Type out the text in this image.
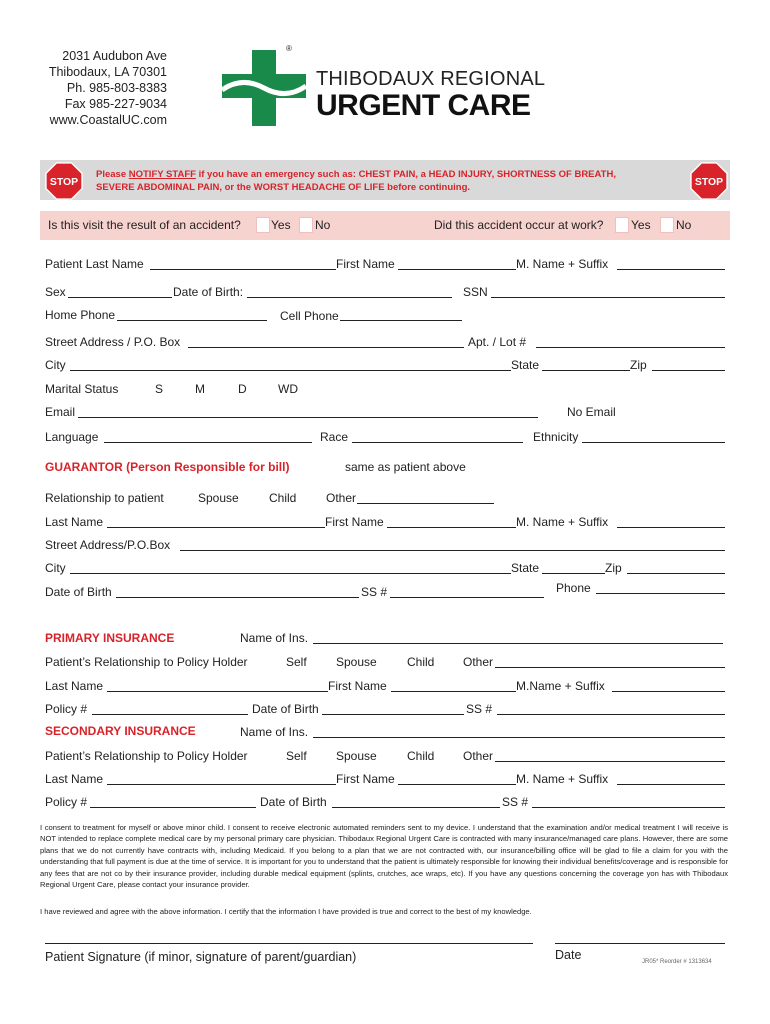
2031 Audubon Ave
Thibodaux, LA 70301
Ph. 985-803-8383
Fax 985-227-9034
www.CoastalUC.com
®
THIBODAUX REGIONAL
URGENT CARE
STOP	STOP
Please NOTIFY STAFF if you have an emergency such as: CHEST PAIN, a HEAD INJURY, SHORTNESS OF BREATH,
SEVERE ABDOMINAL PAIN, or the WORST HEADACHE OF LIFE before continuing.
Is this visit the result of an accident?	Yes No	Did this accident occur at work? Yes No
Patient Last Name	First Name	M. Name + Suffix
Sex	Date of Birth:	SSN
Home Phone	Cell Phone
Street Address / P.O. Box	Apt. / Lot #
City	State	Zip
Marital Status	S	M	D	WD
Email	No Email
Language	Race	Ethnicity
GUARANTOR (Person Responsible for bill)	same as patient above
Relationship to patient	Spouse	Child Other
Last Name	First Name	M. Name + Suffix
Street Address/P.O.Box
City	State	Zip
Date of Birth	SS #	Phone
PRIMARY INSURANCE	Name of Ins.
Patient’s Relationship to Policy Holder	Self Spouse	Child Other
Last Name	First Name	M.Name + Suffix
Policy #	Date of Birth	SS #
SECONDARY INSURANCE	Name of Ins.
Patient’s Relationship to Policy Holder	Self Spouse	Child Other
Last Name	First Name	M. Name + Suffix
Policy #	Date of Birth	SS #
I consent to treatment for myself or above minor child. I consent to receive electronic automated reminders sent to my device. I understand that the examination and/or medical treatment I will receive is NOT intended to replace complete medical care by my personal primary care physician. Thibodaux Regional Urgent Care is contracted with many insurance/managed care plans. However, there are some plans that we do not currently have contracts with, including Medicaid. If you belong to a plan that we are not contracted with, our insurance/billing office will be glad to file a claim for you with the understanding that full payment is due at the time of service. It is important for you to understand that the patient is ultimately responsible for knowing their individual benefits/coverage and is responsible for any fees that are not co by their insurance provider, including durable medical equipment (splints, crutches, ace wraps, etc). If you have any questions concerning the coverage yon has with Thibodaux Regional Urgent Care, please contact your insurance provider.
I have reviewed and agree with the above information. I certify that the information I have provided is true and correct to the best of my knowledge.
Patient Signature (if minor, signature of parent/guardian)	Date	JR05* Reorder # 1313634
